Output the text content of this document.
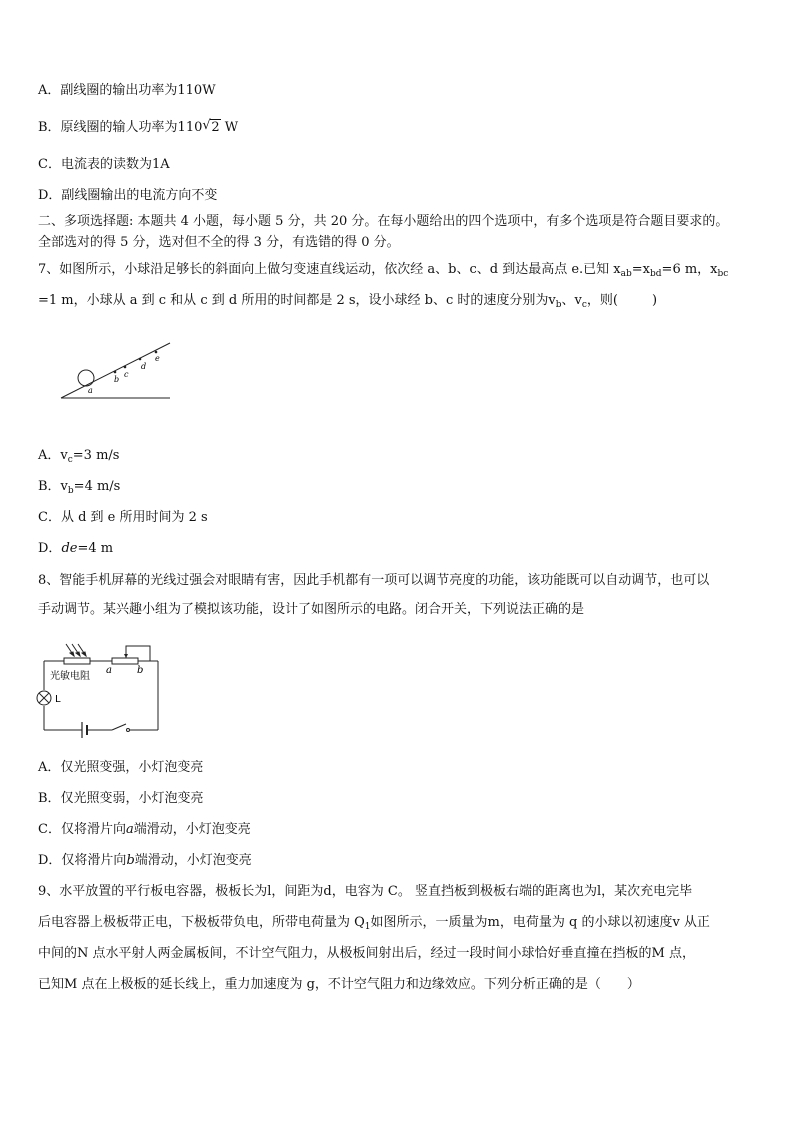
A．副线圈的输出功率为110W
B．原线圈的输人功率为110 √ 2 W
C．电流表的读数为1A
D．副线圈输出的电流方向不变
二、多项选择题: 本题共 4 小题，每小题 5 分，共 20 分。在每小题给出的四个选项中，有多个选项是符合题目要求的。
全部选对的得 5 分，选对但不全的得 3 分，有选错的得 0 分。
7、如图所示，小球沿足够长的斜面向上做匀变速直线运动，依次经 a、b、c、d 到达最高点 e.已知 $x_{ab}=x_{bd}=6$ m，$x_{bc}$
=1 m，小球从 a 到 c 和从 c 到 d 所用的时间都是 2 s，设小球经 b、c 时的速度分别为$v_b$、$v_c$，则(	)
a
b
c
d
e
A．$v_c=3$ m/s
B．$v_b=4$ m/s
C．从 d 到 e 所用时间为 2 s
D．de=4 m
8、智能手机屏幕的光线过强会对眼睛有害，因此手机都有一项可以调节亮度的功能，该功能既可以自动调节，也可以
手动调节。某兴趣小组为了模拟该功能，设计了如图所示的电路。闭合开关，下列说法正确的是
光敏电阻
L
a	b
A．仅光照变强，小灯泡变亮
B．仅光照变弱，小灯泡变亮
C．仅将滑片向a端滑动，小灯泡变亮
D．仅将滑片向b端滑动，小灯泡变亮
9、水平放置的平行板电容器，极板长为l，间距为d，电容为 C。 竖直挡板到极板右端的距离也为l，某次充电完毕
后电容器上极板带正电，下极板带负电，所带电荷量为 $Q_1$如图所示，一质量为m，电荷量为 q 的小球以初速度v 从正
中间的N 点水平射人两金属板间，不计空气阻力，从极板间射出后，经过一段时间小球恰好垂直撞在挡板的M 点，
已知M 点在上极板的延长线上，重力加速度为 g，不计空气阻力和边缘效应。下列分析正确的是（　　）
